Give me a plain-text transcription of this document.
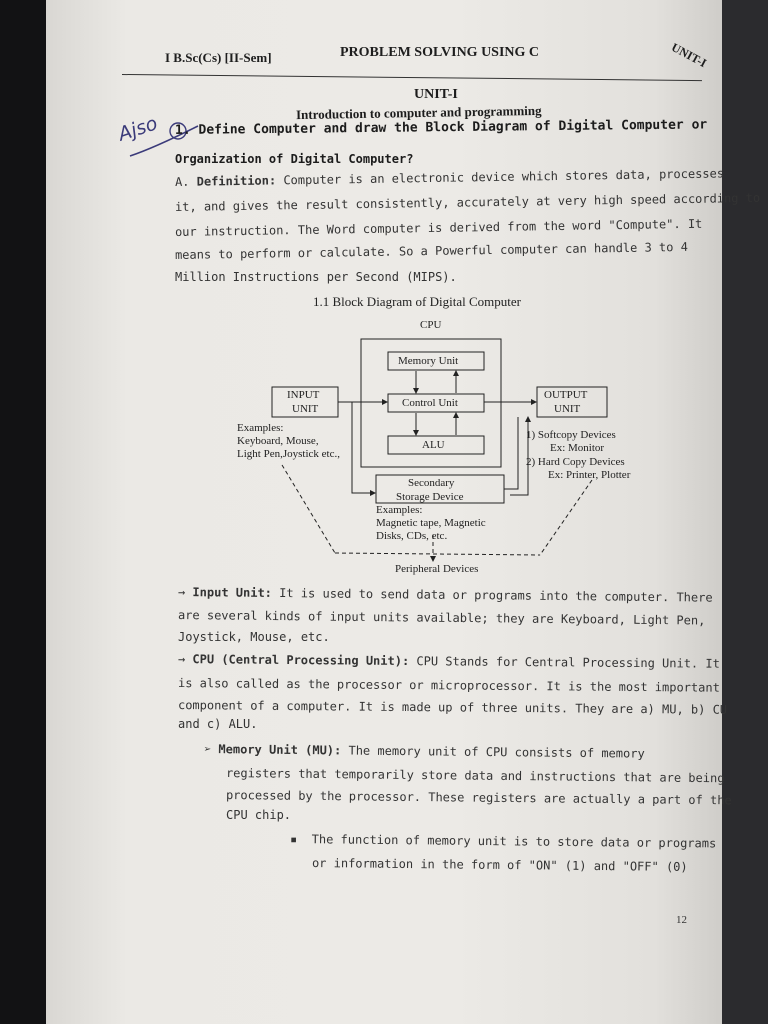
I B.Sc(Cs) [II-Sem]	PROBLEM SOLVING USING C	UNIT-I
UNIT-I
Introduction to computer and programming
Ajso 1. Define Computer and draw the Block Diagram of Digital Computer or
Organization of Digital Computer?
A. Definition: Computer is an electronic device which stores data, processes
it, and gives the result consistently, accurately at very high speed according to
our instruction. The Word computer is derived from the word "Compute". It
means to perform or calculate. So a Powerful computer can handle 3 to 4
Million Instructions per Second (MIPS).
1.1 Block Diagram of Digital Computer
CPU
Memory Unit
Control Unit
ALU
INPUT
UNIT
OUTPUT
UNIT
Secondary
Storage Device
Examples:
Keyboard, Mouse,
Light Pen,Joystick etc.,
1) Softcopy Devices
Ex: Monitor
2) Hard Copy Devices
Ex: Printer, Plotter
Examples:
Magnetic tape, Magnetic
Disks, CDs, etc.
Peripheral Devices
→ Input Unit: It is used to send data or programs into the computer. There
are several kinds of input units available; they are Keyboard, Light Pen,
Joystick, Mouse, etc.
→ CPU (Central Processing Unit): CPU Stands for Central Processing Unit. It
is also called as the processor or microprocessor. It is the most important
component of a computer. It is made up of three units. They are a) MU, b) CU
and c) ALU.
➢ Memory Unit (MU): The memory unit of CPU consists of memory
registers that temporarily store data and instructions that are being
processed by the processor. These registers are actually a part of the
CPU chip.
▪ The function of memory unit is to store data or programs
or information in the form of "ON" (1) and "OFF" (0)
12
